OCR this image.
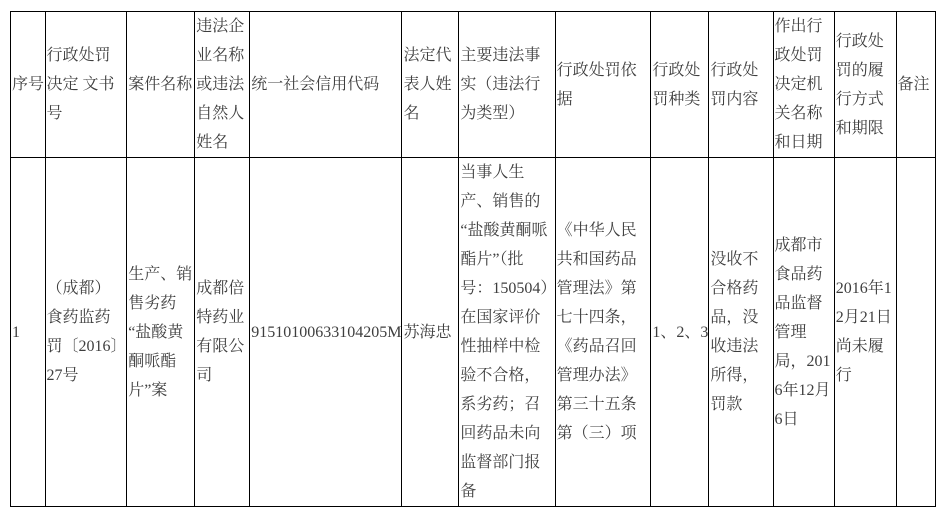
序号	行政处罚决定 文书号	案件名称	违法企业名称或违法自然人姓名	统一社会信用代码	法定代表人姓名	主要违法事实（违法行为类型）	行政处罚依据	行政处罚种类	行政处罚内容	作出行政处罚决定机关名称和日期	行政处罚的履行方式和期限	备注
1	（成都）食药监药罚〔2016〕27号	生产、销售劣药“盐酸黄酮哌酯片”案	成都倍特药业有限公司	91510100633104205M	苏海忠	当事人生产、销售的“盐酸黄酮哌酯片”（批号：150504）在国家评价性抽样中检验不合格，系劣药；召回药品未向监督部门报备	《中华人民共和国药品管理法》第七十四条，《药品召回管理办法》第三十五条第（三）项	1、2、3	没收不合格药品，没收违法所得，罚款	成都市食品药品监督管理局，2016年12月6日	2016年12月21日尚未履行	
